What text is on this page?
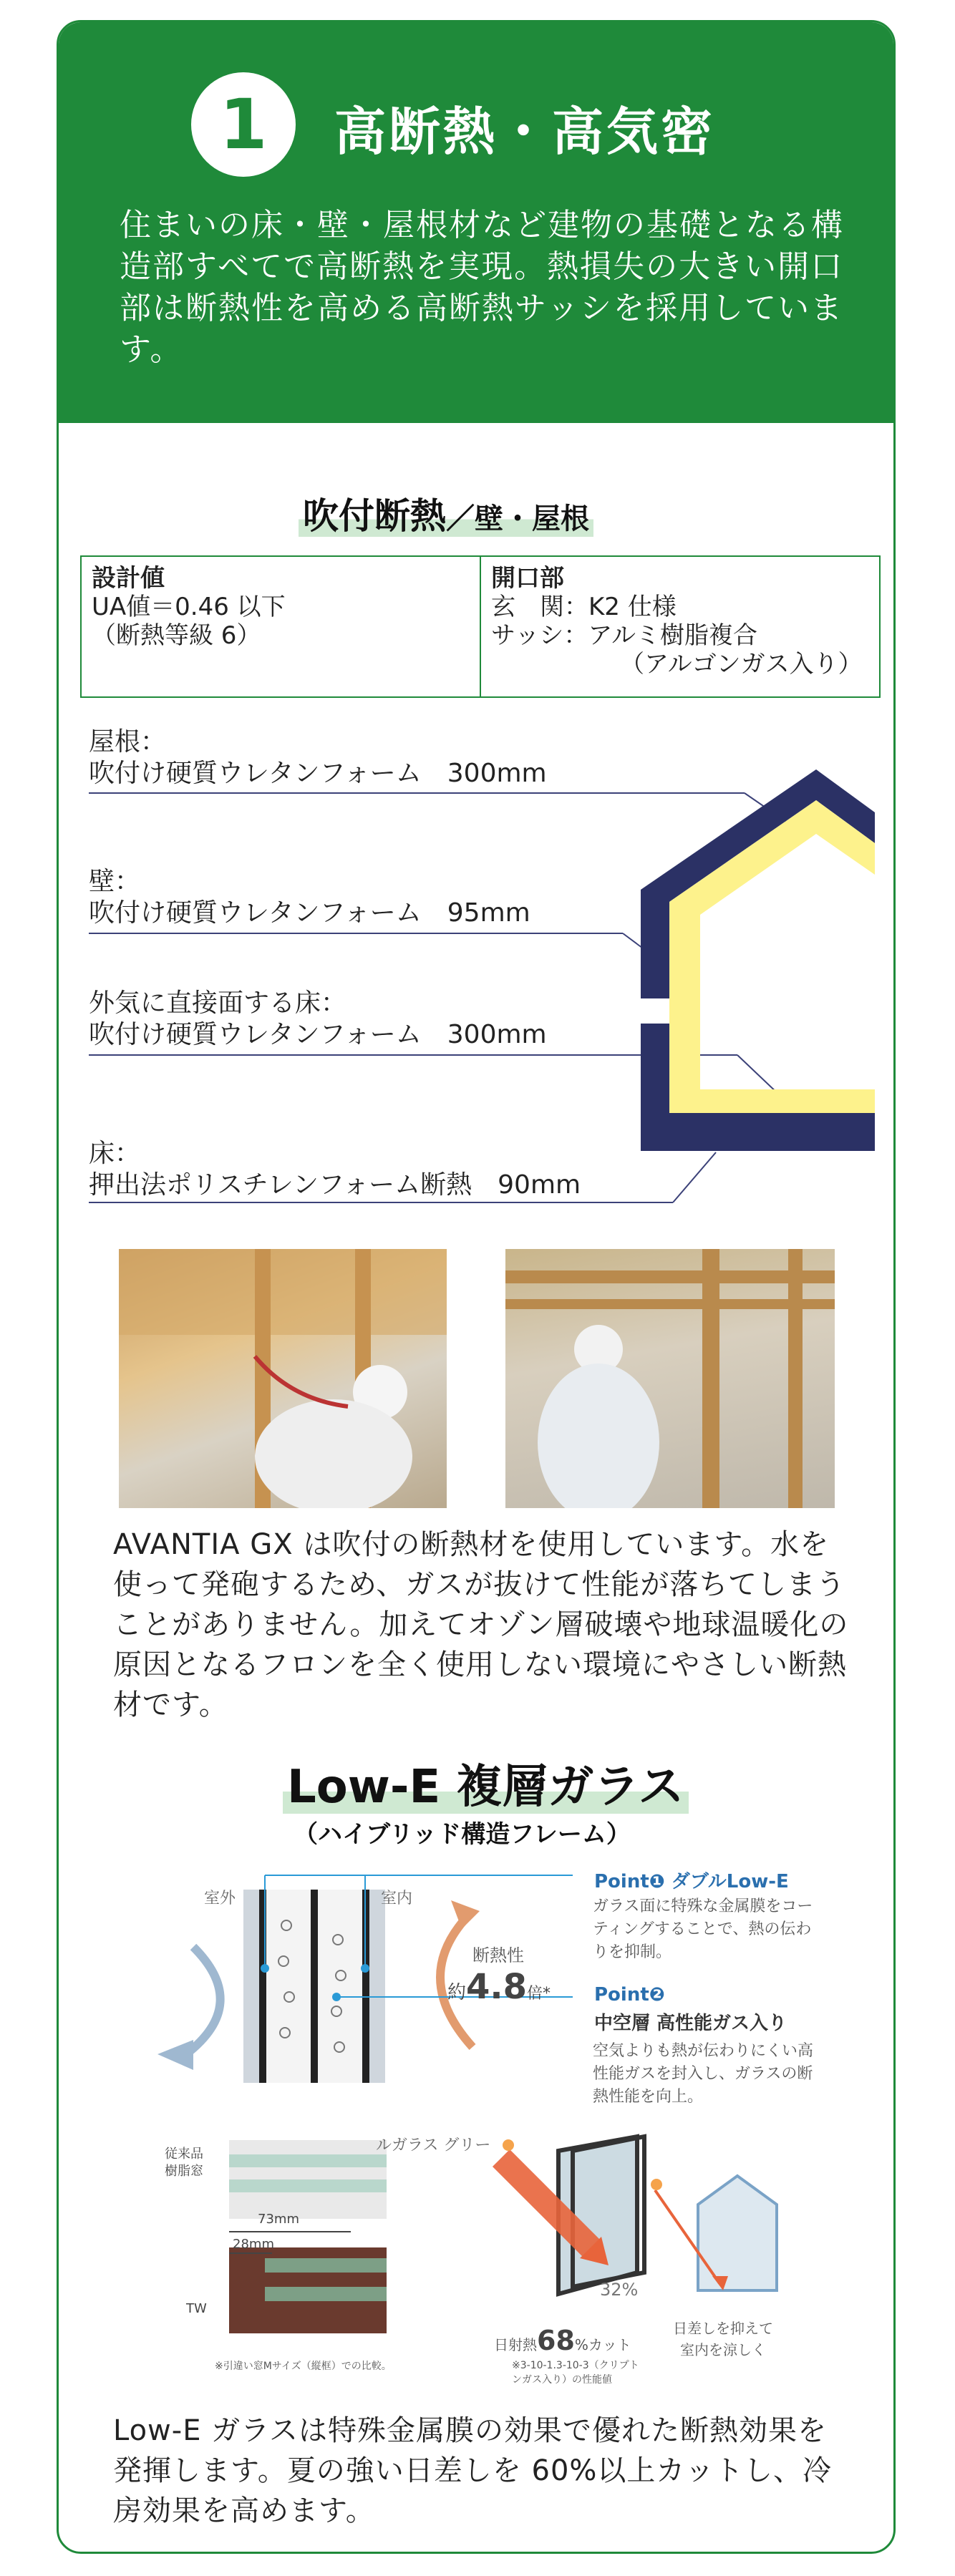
1	高断熱・高気密
住まいの床・壁・屋根材など建物の基礎となる構造部すべてで高断熱を実現。熱損失の大きい開口部は断熱性を高める高断熱サッシを採用しています。
吹付断熱／壁・屋根
設計値
UA値＝0.46 以下
（断熱等級 6）

開口部
玄　関：K2 仕様
サッシ：アルミ樹脂複合
（アルゴンガス入り）
屋根：
吹付け硬質ウレタンフォーム　300mm
壁：
吹付け硬質ウレタンフォーム　95mm
外気に直接面する床：
吹付け硬質ウレタンフォーム　300mm
床：
押出法ポリスチレンフォーム断熱　90mm
AVANTIA GX は吹付の断熱材を使用しています。水を使って発砲するため、ガスが抜けて性能が落ちてしまうことがありません。加えてオゾン層破壊や地球温暖化の原因となるフロンを全く使用しない環境にやさしい断熱材です。
Low-E 複層ガラス
（ハイブリッド構造フレーム）
室外	室内
断熱性
約4.8倍*
Point❶ ダブルLow-E
ガラス面に特殊な金属膜をコーティングすることで、熱の伝わりを抑制。
Point❷
中空層 高性能ガス入り
空気よりも熱が伝わりにくい高性能ガスを封入し、ガラスの断熱性能を向上。
従来品
樹脂窓
TW
73mm
28mm
※引違い窓Mサイズ（縦框）での比較。
ルガラス グリー
32%
日射熱68%カット
※3-10-1.3-10-3（クリプトンガス入り）の性能値
日差しを抑えて
室内を涼しく
Low-E ガラスは特殊金属膜の効果で優れた断熱効果を発揮します。夏の強い日差しを 60%以上カットし、冷房効果を高めます。
